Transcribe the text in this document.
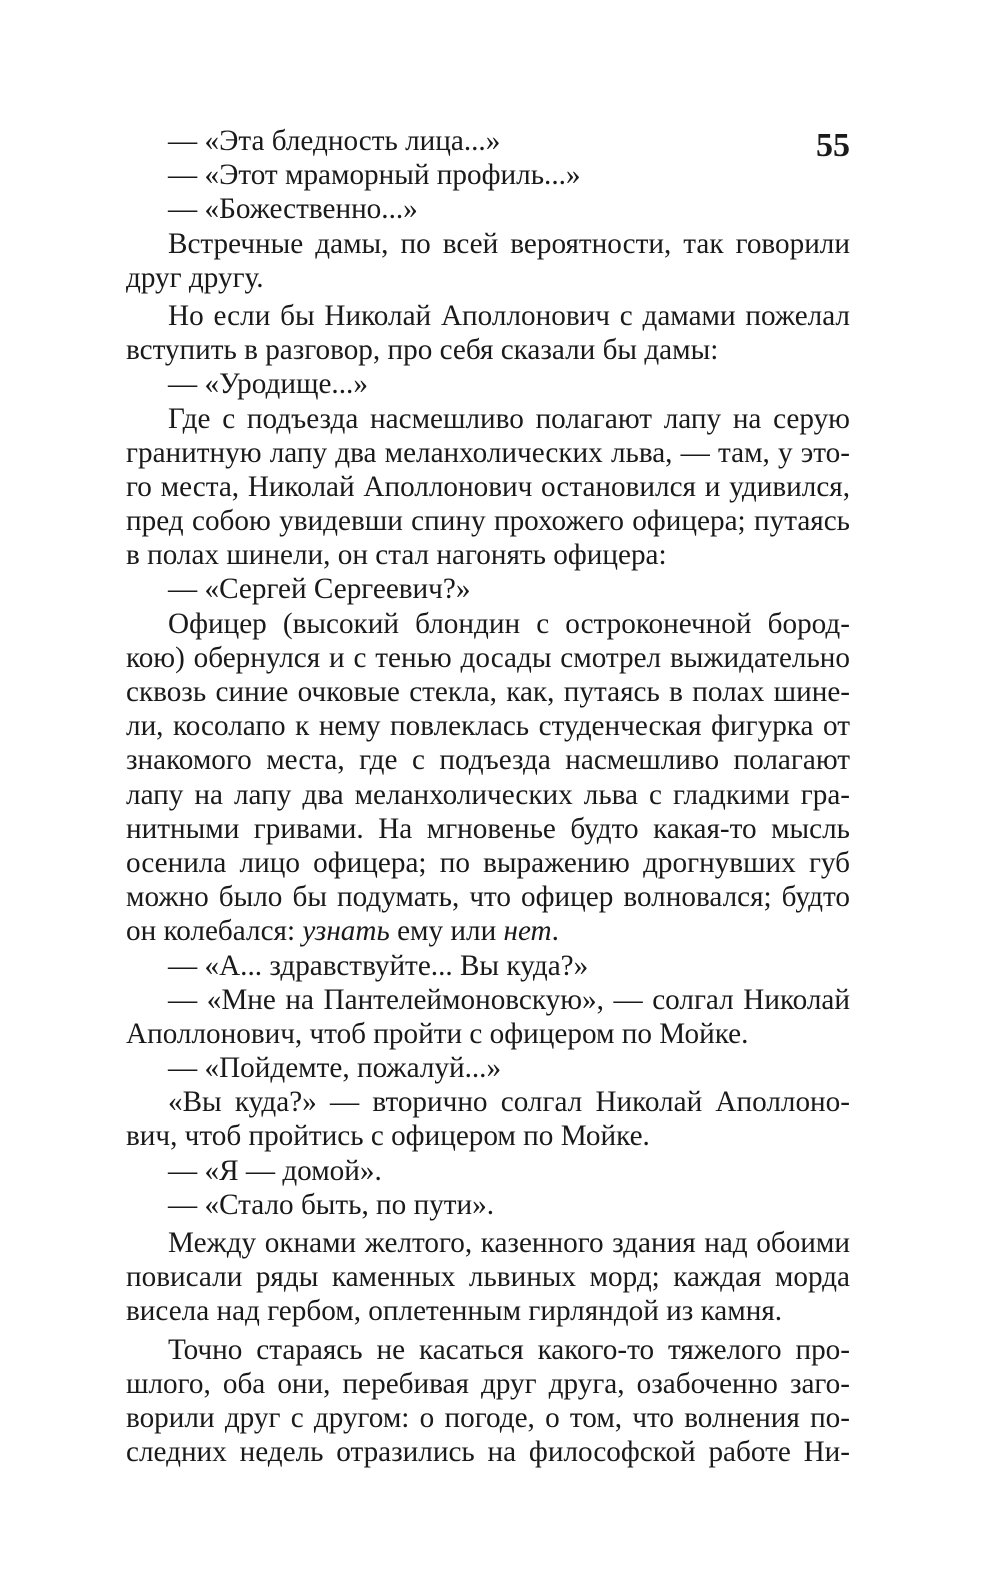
55
— «Эта бледность лица...»
— «Этот мраморный профиль...»
— «Божественно...»
Встречные дамы, по всей вероятности, так говорили
друг другу.
Но если бы Николай Аполлонович с дамами пожелал
вступить в разговор, про себя сказали бы дамы:
— «Уродище...»
Где с подъезда насмешливо полагают лапу на серую
гранитную лапу два меланхолических льва, — там, у это-
го места, Николай Аполлонович остановился и удивился,
пред собою увидевши спину прохожего офицера; путаясь
в полах шинели, он стал нагонять офицера:
— «Сергей Сергеевич?»
Офицер (высокий блондин с остроконечной бород-
кою) обернулся и с тенью досады смотрел выжидательно
сквозь синие очковые стекла, как, путаясь в полах шине-
ли, косолапо к нему повлеклась студенческая фигурка от
знакомого места, где с подъезда насмешливо полагают
лапу на лапу два меланхолических льва с гладкими гра-
нитными гривами. На мгновенье будто какая-то мысль
осенила лицо офицера; по выражению дрогнувших губ
можно было бы подумать, что офицер волновался; будто
он колебался: узнать ему или нет.
— «А... здравствуйте... Вы куда?»
— «Мне на Пантелеймоновскую», — солгал Николай
Аполлонович, чтоб пройти с офицером по Мойке.
— «Пойдемте, пожалуй...»
«Вы куда?» — вторично солгал Николай Аполлоно-
вич, чтоб пройтись с офицером по Мойке.
— «Я — домой».
— «Стало быть, по пути».
Между окнами желтого, казенного здания над обоими
повисали ряды каменных львиных морд; каждая морда
висела над гербом, оплетенным гирляндой из камня.
Точно стараясь не касаться какого-то тяжелого про-
шлого, оба они, перебивая друг друга, озабоченно заго-
ворили друг с другом: о погоде, о том, что волнения по-
следних недель отразились на философской работе Ни-
